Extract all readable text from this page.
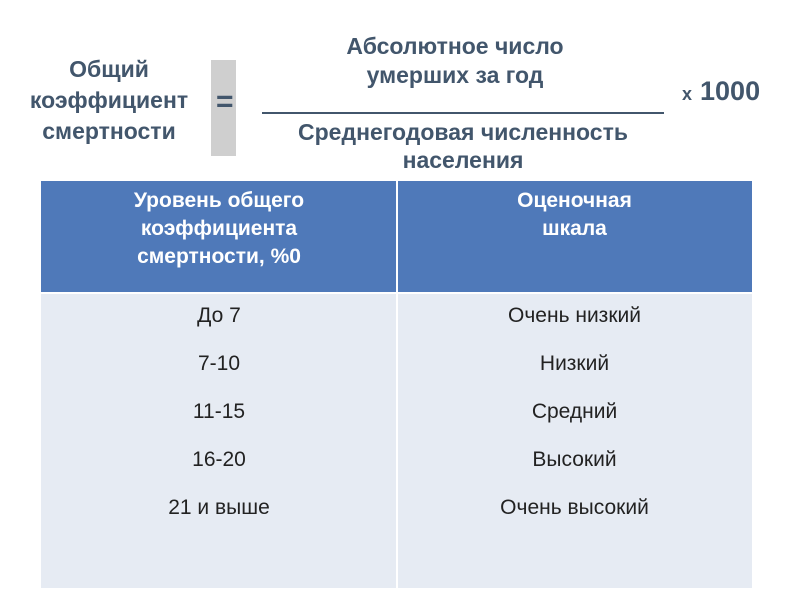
Общий
коэффициент
смертности
=
Абсолютное число
умерших за год
Среднегодовая численность
населения
х 1000
Уровень общего
коэффициента
смертности, %0
Оценочная
шкала
До 7
7-10
11-15
16-20
21 и выше
Очень низкий
Низкий
Средний
Высокий
Очень высокий
